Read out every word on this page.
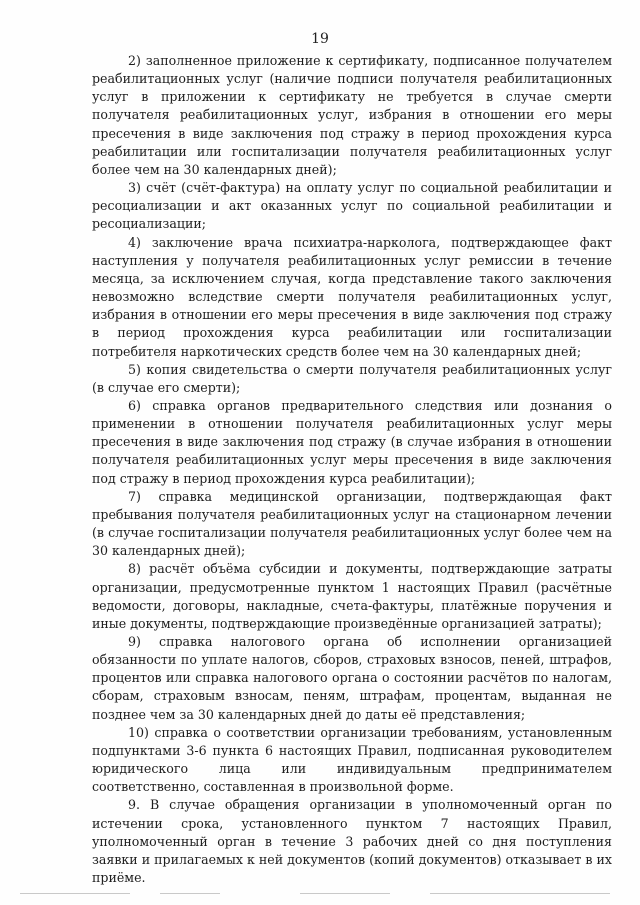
19

2) заполненное приложение к сертификату, подписанное получателем реабилитационных услуг (наличие подписи получателя реабилитационных услуг в приложении к сертификату не требуется в случае смерти получателя реабилитационных услуг, избрания в отношении его меры пресечения в виде заключения под стражу в период прохождения курса реабилитации или госпитализации получателя реабилитационных услуг более чем на 30 календарных дней);

3) счёт (счёт-фактура) на оплату услуг по социальной реабилитации и ресоциализации и акт оказанных услуг по социальной реабилитации и ресоциализации;

4) заключение врача психиатра-нарколога, подтверждающее факт наступления у получателя реабилитационных услуг ремиссии в течение месяца, за исключением случая, когда представление такого заключения невозможно вследствие смерти получателя реабилитационных услуг, избрания в отношении его меры пресечения в виде заключения под стражу в период прохождения курса реабилитации или госпитализации потребителя наркотических средств более чем на 30 календарных дней;

5) копия свидетельства о смерти получателя реабилитационных услуг (в случае его смерти);

6) справка органов предварительного следствия или дознания о применении в отношении получателя реабилитационных услуг меры пресечения в виде заключения под стражу (в случае избрания в отношении получателя реабилитационных услуг меры пресечения в виде заключения под стражу в период прохождения курса реабилитации);

7) справка медицинской организации, подтверждающая факт пребывания получателя реабилитационных услуг на стационарном лечении (в случае госпитализации получателя реабилитационных услуг более чем на 30 календарных дней);

8) расчёт объёма субсидии и документы, подтверждающие затраты организации, предусмотренные пунктом 1 настоящих Правил (расчётные ведомости, договоры, накладные, счета-фактуры, платёжные поручения и иные документы, подтверждающие произведённые организацией затраты);

9) справка налогового органа об исполнении организацией обязанности по уплате налогов, сборов, страховых взносов, пеней, штрафов, процентов или справка налогового органа о состоянии расчётов по налогам, сборам, страховым взносам, пеням, штрафам, процентам, выданная не позднее чем за 30 календарных дней до даты её представления;

10) справка о соответствии организации требованиям, установленным подпунктами 3-6 пункта 6 настоящих Правил, подписанная руководителем юридического лица или индивидуальным предпринимателем соответственно, составленная в произвольной форме.

9. В случае обращения организации в уполномоченный орган по истечении срока, установленного пунктом 7 настоящих Правил, уполномоченный орган в течение 3 рабочих дней со дня поступления заявки и прилагаемых к ней документов (копий документов) отказывает в их приёме.
